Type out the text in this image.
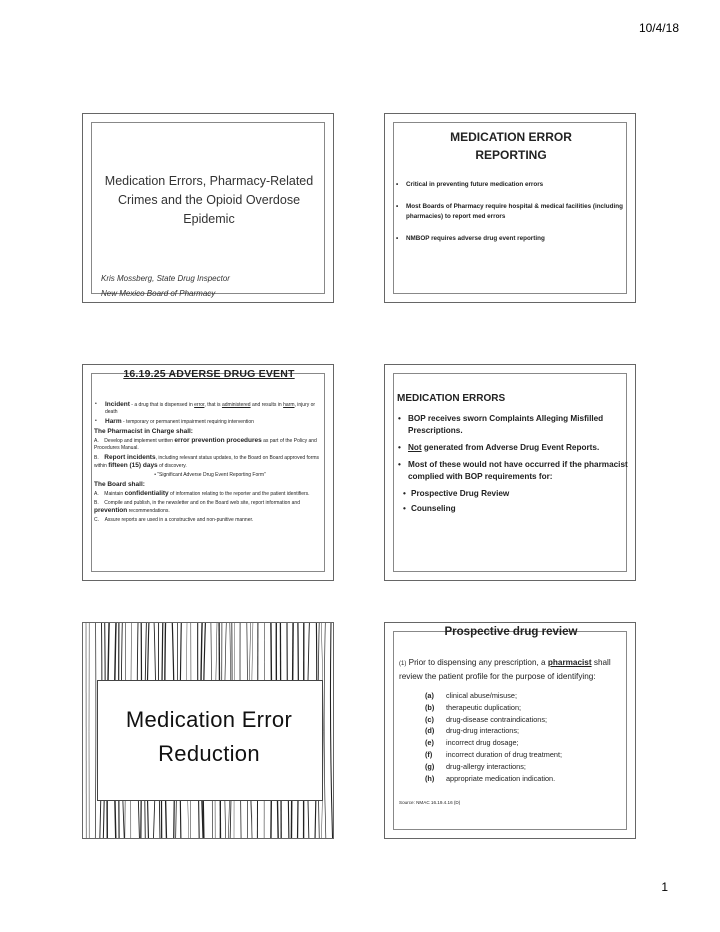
10/4/18
Medication Errors, Pharmacy-Related Crimes and the Opioid Overdose Epidemic
Kris Mossberg, State Drug Inspector
New Mexico Board of Pharmacy
MEDICATION ERROR
REPORTING
• Critical in preventing future medication errors
• Most Boards of Pharmacy require hospital & medical facilities (including pharmacies) to report med errors
• NMBOP requires adverse drug event reporting
16.19.25 ADVERSE DRUG EVENT

• Incident - a drug that is dispensed in error, that is administered and results in harm, injury or death

• Harm - temporary or permanent impairment requiring intervention

The Pharmacist in Charge shall:

A. Develop and implement written error prevention procedures as part of the Policy and Procedures Manual.

B. Report incidents, including relevant status updates, to the Board on Board approved forms within fifteen (15) days of discovery.

• “Significant Adverse Drug Event Reporting Form”

The Board shall:

A. Maintain confidentiality of information relating to the reporter and the patient identifiers.

B. Compile and publish, in the newsletter and on the Board web site, report information and prevention recommendations.

C. Assure reports are used in a constructive and non-punitive manner.

MEDICATION ERRORS
• BOP receives sworn Complaints Alleging Misfilled Prescriptions.
• Not generated from Adverse Drug Event Reports.
• Most of these would not have occurred if the pharmacist complied with BOP requirements for:
• Prospective Drug Review
• Counseling
Medication Error
Reduction
Prospective drug review
(1) Prior to dispensing any prescription, a pharmacist shall review the patient profile for the purpose of identifying:
(a) clinical abuse/misuse;
(b) therapeutic duplication;
(c) drug-disease contraindications;
(d) drug-drug interactions;
(e) incorrect drug dosage;
(f) incorrect duration of drug treatment;
(g) drug-allergy interactions;
(h) appropriate medication indication.
Source: NMAC 16.19.4.16 (D)
1
